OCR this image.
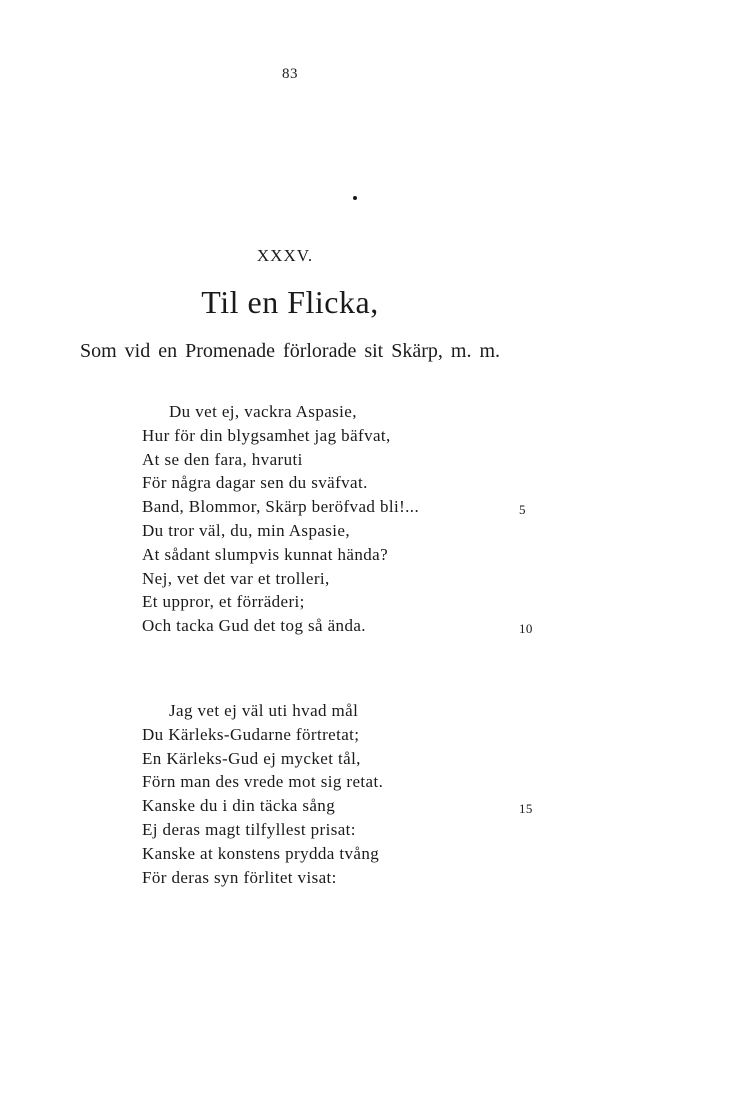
83
XXXV.
Til en Flicka,
Som vid en Promenade förlorade sit Skärp, m. m.
Du vet ej, vackra Aspasie,
Hur för din blygsamhet jag bäfvat,
At se den fara, hvaruti
För några dagar sen du sväfvat.
Band, Blommor, Skärp beröfvad bli!...	5
Du tror väl, du, min Aspasie,
At sådant slumpvis kunnat hända?
Nej, vet det var et trolleri,
Et uppror, et förräderi;
Och tacka Gud det tog så ända.	10
Jag vet ej väl uti hvad mål
Du Kärleks-Gudarne förtretat;
En Kärleks-Gud ej mycket tål,
Förn man des vrede mot sig retat.
Kanske du i din täcka sång	15
Ej deras magt tilfyllest prisat:
Kanske at konstens prydda tvång
För deras syn förlitet visat:
